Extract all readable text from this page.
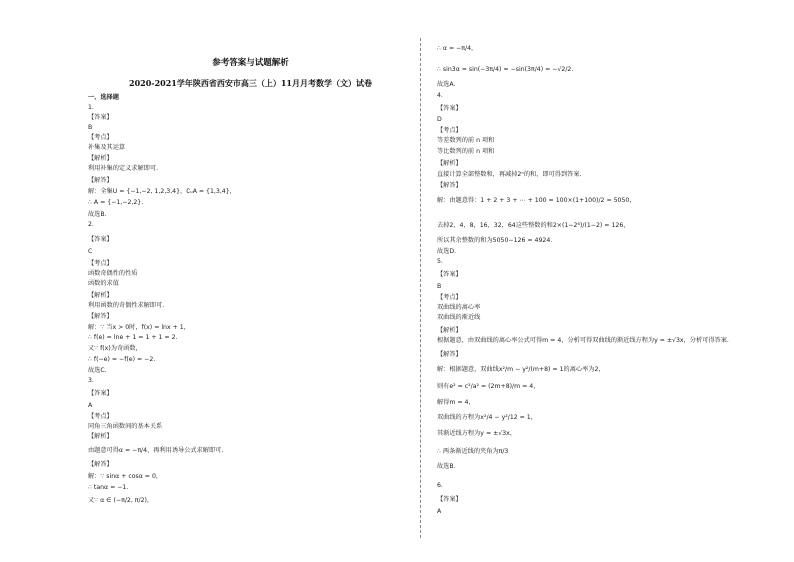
参考答案与试题解析
2020-2021学年陕西省西安市高三（上）11月月考数学（文）试卷
一、选择题
1.
【答案】
B
【考点】
补集及其运算
【解析】
利用补集的定义求解即可.
【解答】
解：全集U = {−1,−2, 1,2,3,4}，∁ᵤA = {1,3,4}，
∴ A = {−1,−2,2}.
故选B.
2.
【答案】
C
【考点】
函数奇偶性的性质
函数的求值
【解析】
利用函数的奇偶性求解即可.
【解答】
解：∵ 当x > 0时，f(x) = lnx + 1，
∴ f(e) = lne + 1 = 1 + 1 = 2.
又∵ f(x)为奇函数，
∴ f(−e) = −f(e) = −2.
故选C.
3.
【答案】
A
【考点】
同角三角函数间的基本关系
【解析】
由题意可得α = −π/4，再利用诱导公式求解即可.
【解答】
解：∵ sinα + cosα = 0，
∴ tanα = −1.
又∵ α ∈ (−π/2, π/2)，
∴ α = −π/4，
∴ sin3α = sin(−3π/4) = −sin(3π/4) = −√2/2.
故选A.
4.
【答案】
D
【考点】
等差数列的前 n 项和
等比数列的前 n 项和
【解析】
直接计算全部整数和，再减掉2ⁿ的和，即可得到答案.
【解答】
解：由题意得：1 + 2 + 3 + ⋯ + 100 = 100×(1+100)/2 = 5050，
去掉2，4，8，16，32，64这些整数的和2×(1−2⁶)/(1−2) = 126，
所以其余整数的和为5050−126 = 4924.
故选D.
5.
【答案】
B
【考点】
双曲线的离心率
双曲线的渐近线
【解析】
根据题意，由双曲线的离心率公式可得m = 4，分析可得双曲线的渐近线方程为y = ±√3x，分析可得答案.
【解答】
解：根据题意，双曲线x²/m − y²/(m+8) = 1的离心率为2，
则有e² = c²/a² = (2m+8)/m = 4，
解得m = 4，
双曲线的方程为x²/4 − y²/12 = 1，
其渐近线方程为y = ±√3x，
∴ 两条渐近线的夹角为π/3
故选B.
6.
【答案】
A
